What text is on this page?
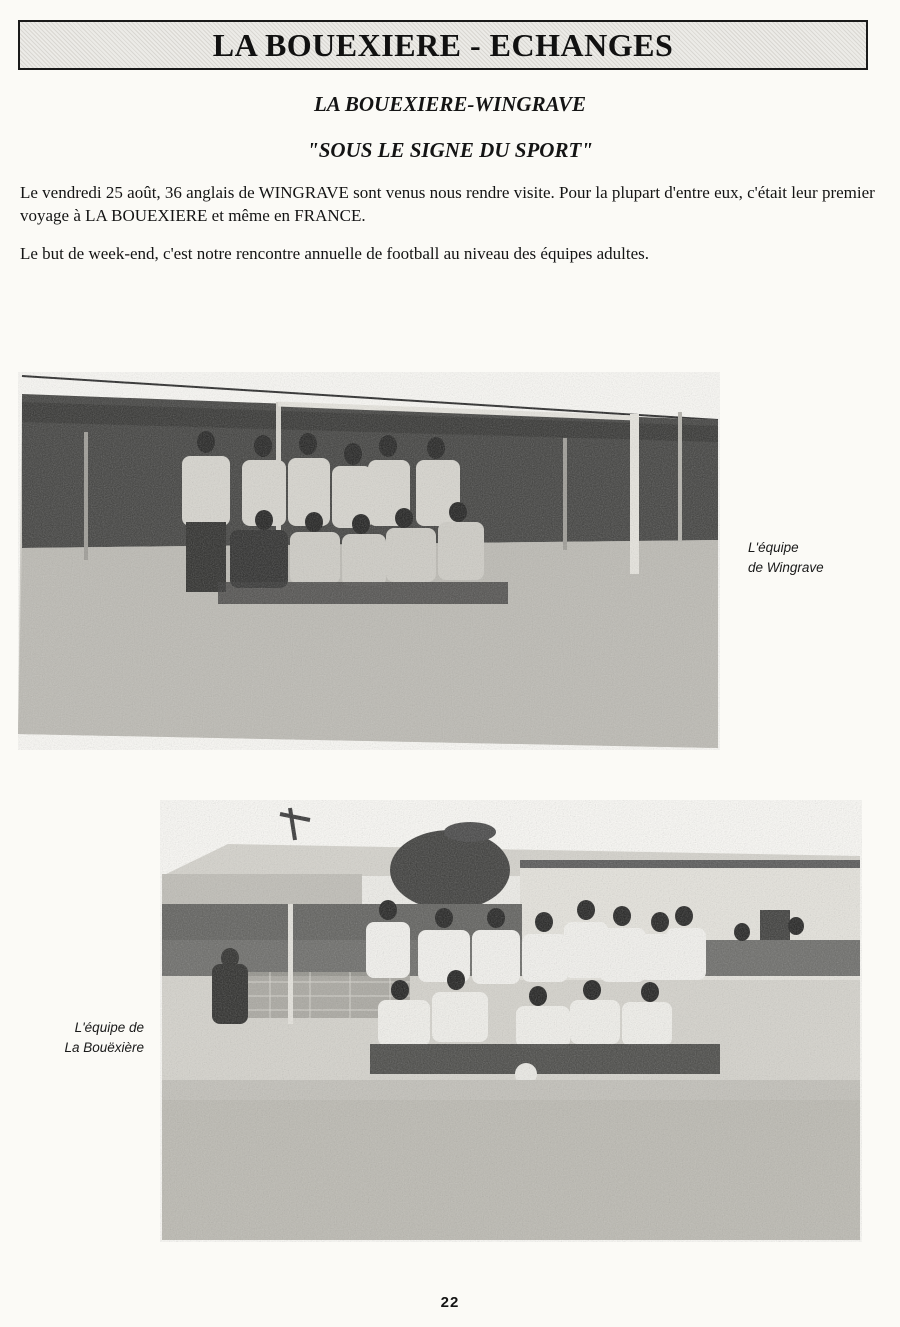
LA BOUEXIERE - ECHANGES
LA BOUEXIERE-WINGRAVE
"SOUS LE SIGNE DU SPORT"

Le vendredi 25 août, 36 anglais de WINGRAVE sont venus nous rendre visite. Pour la plupart d'entre eux, c'était leur premier voyage à LA BOUEXIERE et même en FRANCE.

Le but de week-end, c'est notre rencontre annuelle de football au niveau des équipes adultes.

L'équipe
de Wingrave
L'équipe de
La Bouëxière
22
